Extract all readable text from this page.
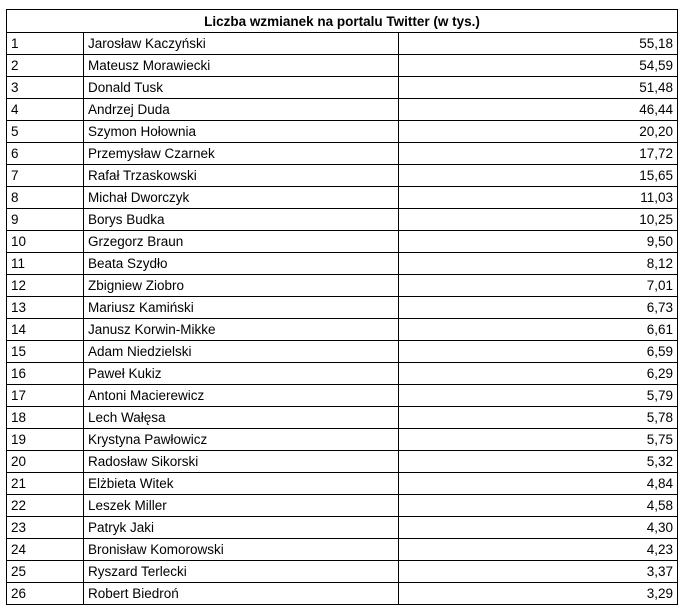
Liczba wzmianek na portalu Twitter (w tys.)		
1	Jarosław Kaczyński	55,18
2	Mateusz Morawiecki	54,59
3	Donald Tusk	51,48
4	Andrzej Duda	46,44
5	Szymon Hołownia	20,20
6	Przemysław Czarnek	17,72
7	Rafał Trzaskowski	15,65
8	Michał Dworczyk	11,03
9	Borys Budka	10,25
10	Grzegorz Braun	9,50
11	Beata Szydło	8,12
12	Zbigniew Ziobro	7,01
13	Mariusz Kamiński	6,73
14	Janusz Korwin-Mikke	6,61
15	Adam Niedzielski	6,59
16	Paweł Kukiz	6,29
17	Antoni Macierewicz	5,79
18	Lech Wałęsa	5,78
19	Krystyna Pawłowicz	5,75
20	Radosław Sikorski	5,32
21	Elżbieta Witek	4,84
22	Leszek Miller	4,58
23	Patryk Jaki	4,30
24	Bronisław Komorowski	4,23
25	Ryszard Terlecki	3,37
26	Robert Biedroń	3,29
